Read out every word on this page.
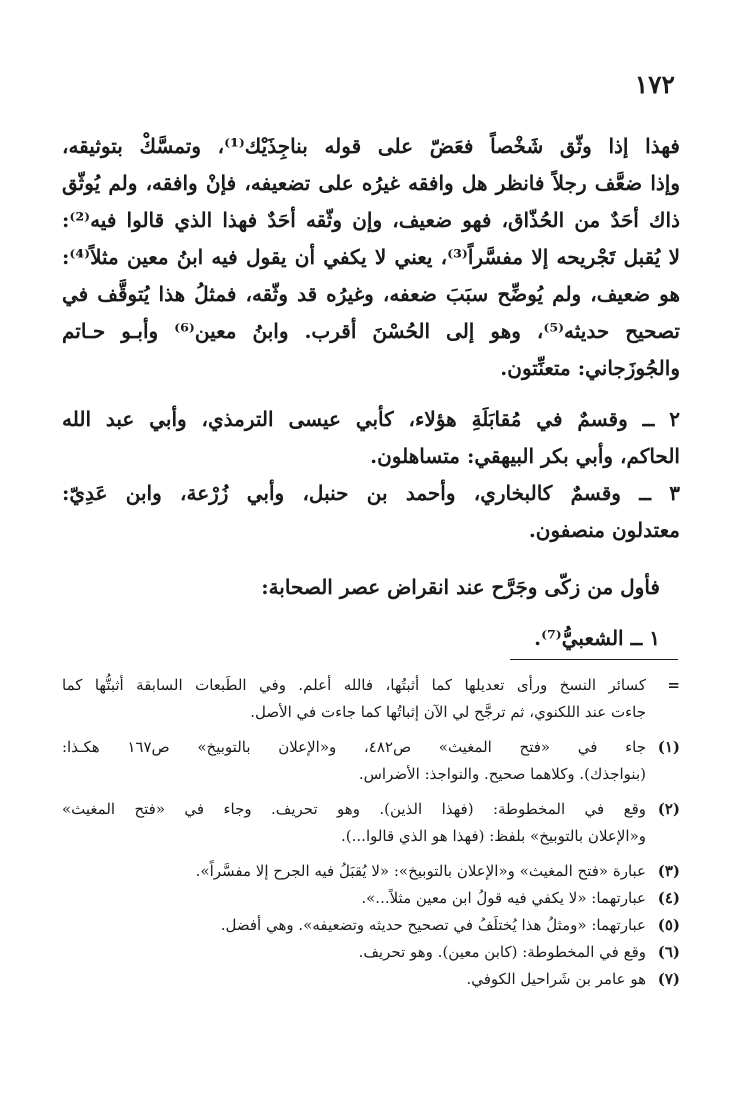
١٧٢
فهذا إذا وثّق شَخْصاً فعَضّ على قوله بناجِذَيْك⁽¹⁾، وتمسَّكْ بتوثيقه،
وإذا ضعَّف رجلاً فانظر هل وافقه غيرُه على تضعيفه، فإنْ وافقه، ولم يُوثّق
ذاك أحَدٌ من الحُذّاق، فهو ضعيف، وإن وثّقه أحَدٌ فهذا الذي قالوا فيه⁽²⁾:
لا يُقبل تَجْريحه إلا مفسَّراً⁽³⁾، يعني لا يكفي أن يقول فيه ابنُ معين مثلاً⁽⁴⁾:
هو ضعيف، ولم يُوضِّح سبَبَ ضعفه، وغيرُه قد وثّقه، فمثلُ هذا يُتوقَّف في
تصحيح حديثه⁽⁵⁾، وهو إلى الحُسْنَ أقرب. وابنُ معين⁽⁶⁾ وأبـو حـاتم
والجُوزَجاني: متعنِّتون.
٢ ــ وقسمٌ في مُقابَلَةِ هؤلاء، كأبي عيسى الترمذي، وأبي عبد الله
الحاكم، وأبي بكر البيهقي: متساهلون.
٣ ــ وقسمٌ كالبخاري، وأحمد بن حنبل، وأبي زُرْعة، وابن عَدِيّ:
معتدلون منصفون.
فأول من زكّى وجَرَّح عند انقراض عصر الصحابة:
١ ــ الشعبيُّ⁽⁷⁾.
=كسائر النسخ ورأى تعديلها كما أثبتُها، فالله أعلم. وفي الطَبعات السابقة أثبتُّها كما
جاءت عند اللكنوي، ثم ترجَّح لي الآن إثباتُها كما جاءت في الأصل.
(١)جاء في «فتح المغيث» ص٤٨٢، و«الإعلان بالتوبيخ» ص١٦٧ هكـذا:
(بنواجذك). وكلاهما صحيح. والنواجذ: الأضراس.
(٢)وقع في المخطوطة: (فهذا الذين). وهو تحريف. وجاء في «فتح المغيث»
و«الإعلان بالتوبيخ» بلفظ: (فهذا هو الذي قالوا...).
(٣)عبارة «فتح المغيث» و«الإعلان بالتوبيخ»: «لا يُقبَلُ فيه الجرح إلا مفسَّراً».
(٤)عبارتهما: «لا يكفي فيه قولُ ابن معين مثلاً...».
(٥)عبارتهما: «ومثلُ هذا يُختلَفُ في تصحيح حديثه وتضعيفه». وهي أفضل.
(٦)وقع في المخطوطة: (كابن معين). وهو تحريف.
(٧)هو عامر بن شَراحيل الكوفي.
